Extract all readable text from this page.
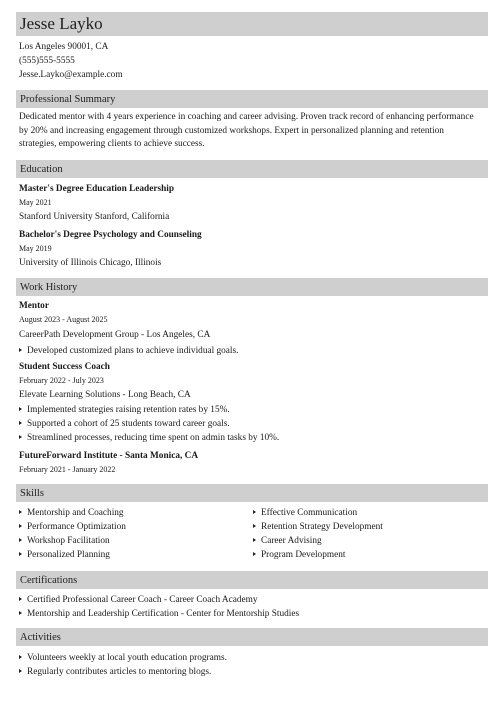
Jesse Layko
Los Angeles 90001, CA
(555)555-5555
Jesse.Layko@example.com
Professional Summary
Dedicated mentor with 4 years experience in coaching and career advising. Proven track record of enhancing performance
by 20% and increasing engagement through customized workshops. Expert in personalized planning and retention
strategies, empowering clients to achieve success.
Education
Master's Degree Education Leadership
May 2021
Stanford University Stanford, California
Bachelor's Degree Psychology and Counseling
May 2019
University of Illinois Chicago, Illinois
Work History
Mentor
August 2023 - August 2025
CareerPath Development Group - Los Angeles, CA
Developed customized plans to achieve individual goals.
Student Success Coach
February 2022 - July 2023
Elevate Learning Solutions - Long Beach, CA
Implemented strategies raising retention rates by 15%.
Supported a cohort of 25 students toward career goals.
Streamlined processes, reducing time spent on admin tasks by 10%.
FutureForward Institute - Santa Monica, CA
February 2021 - January 2022
Skills
Mentorship and Coaching
Performance Optimization
Workshop Facilitation
Personalized Planning
Effective Communication
Retention Strategy Development
Career Advising
Program Development
Certifications
Certified Professional Career Coach - Career Coach Academy
Mentorship and Leadership Certification - Center for Mentorship Studies
Activities
Volunteers weekly at local youth education programs.
Regularly contributes articles to mentoring blogs.
